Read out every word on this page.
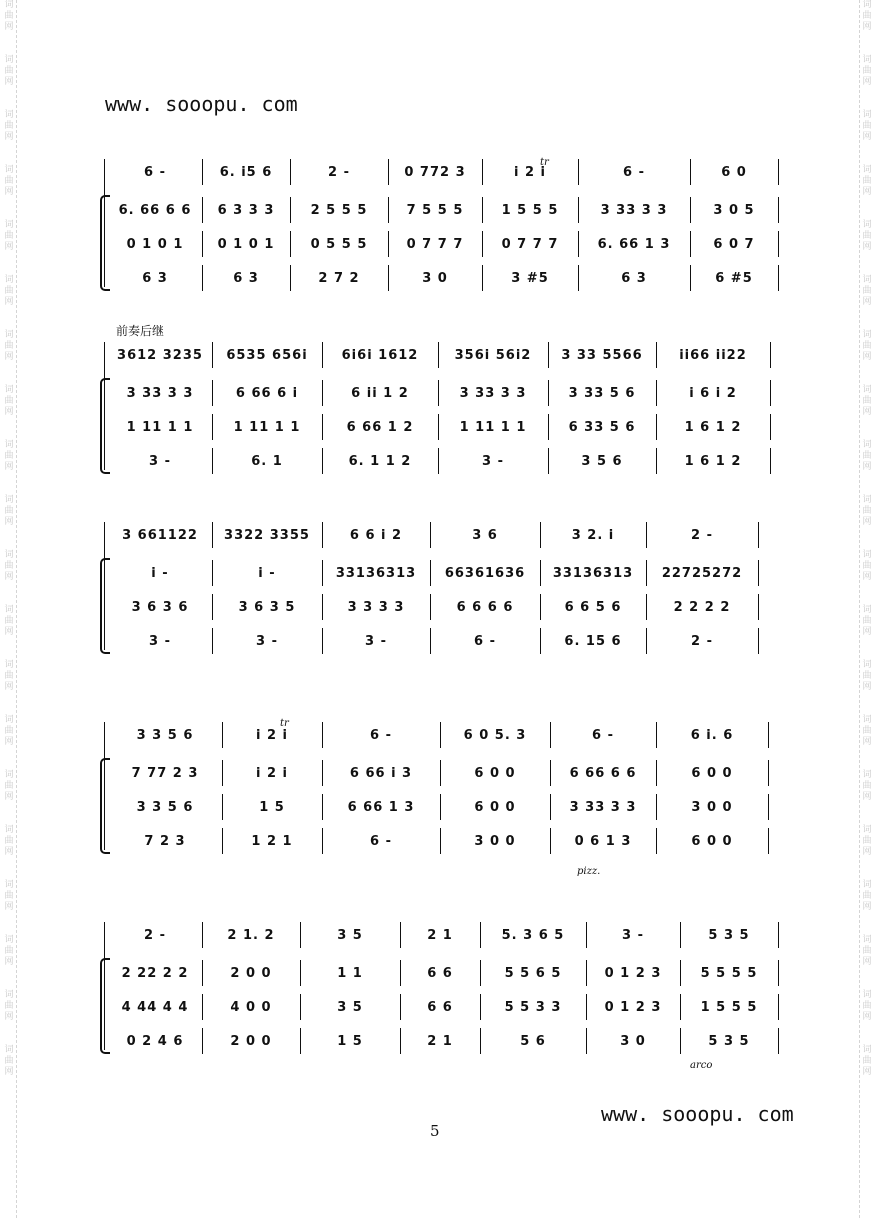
词
曲
网
词
曲
网
词
曲
网
词
曲
网
词
曲
网
词
曲
网
词
曲
网
词
曲
网
词
曲
网
词
曲
网
词
曲
网
词
曲
网
词
曲
网
词
曲
网
词
曲
网
词
曲
网
词
曲
网
词
曲
网
词
曲
网
词
曲
网
词
曲
网
词
曲
网
词
曲
网
词
曲
网
词
曲
网
词
曲
网
词
曲
网
词
曲
网
词
曲
网
词
曲
网
词
曲
网
词
曲
网
词
曲
网
词
曲
网
词
曲
网
词
曲
网
词
曲
网
词
曲
网
词
曲
网
词
曲
网
www. sooopu. com
前奏后继
www. sooopu. com
5
6 -	6. i5 6	2 -	0 772 3	i 2 i	6 -	6 0
6. 66 6 6	6 3 3 3	2 5 5 5	7 5 5 5	1 5 5 5	3 33 3 3	3 0 5
0 1 0 1	0 1 0 1	0 5 5 5	0 7 7 7	0 7 7 7	6. 66 1 3	6 0 7
6 3	6 3	2 7 2	3 0	3 #5	6 3	6 #5
3612 3235	6535 656i	6i6i 1612	356i 56i2	3 33 5566	ii66 ii22
3 33 3 3	6 66 6 i	6 ii 1 2	3 33 3 3	3 33 5 6	i 6 i 2
1 11 1 1	1 11 1 1	6 66 1 2	1 11 1 1	6 33 5 6	1 6 1 2
3 -	6. 1	6. 1 1 2	3 -	3 5 6	1 6 1 2
3 661122	3322 3355	6 6 i 2	3 6	3 2. i	2 -
i -	i -	33136313	66361636	33136313	22725272
3 6 3 6	3 6 3 5	3 3 3 3	6 6 6 6	6 6 5 6	2 2 2 2
3 -	3 -	3 -	6 -	6. 15 6	2 -
3 3 5 6	i 2 i	6 -	6 0 5. 3	6 -	6 i. 6
7 77 2 3	i 2 i	6 66 i 3	6 0 0	6 66 6 6	6 0 0
3 3 5 6	1 5	6 66 1 3	6 0 0	3 33 3 3	3 0 0
7 2 3	1 2 1	6 -	3 0 0	0 6 1 3	6 0 0
2 -	2 1. 2	3 5	2 1	5. 3 6 5	3 -	5 3 5
2 22 2 2	2 0 0	1 1	6 6	5 5 6 5	0 1 2 3	5 5 5 5
4 44 4 4	4 0 0	3 5	6 6	5 5 3 3	0 1 2 3	1 5 5 5
0 2 4 6	2 0 0	1 5	2 1	5 6	3 0	5 3 5
tr
tr
pizz.
arco
